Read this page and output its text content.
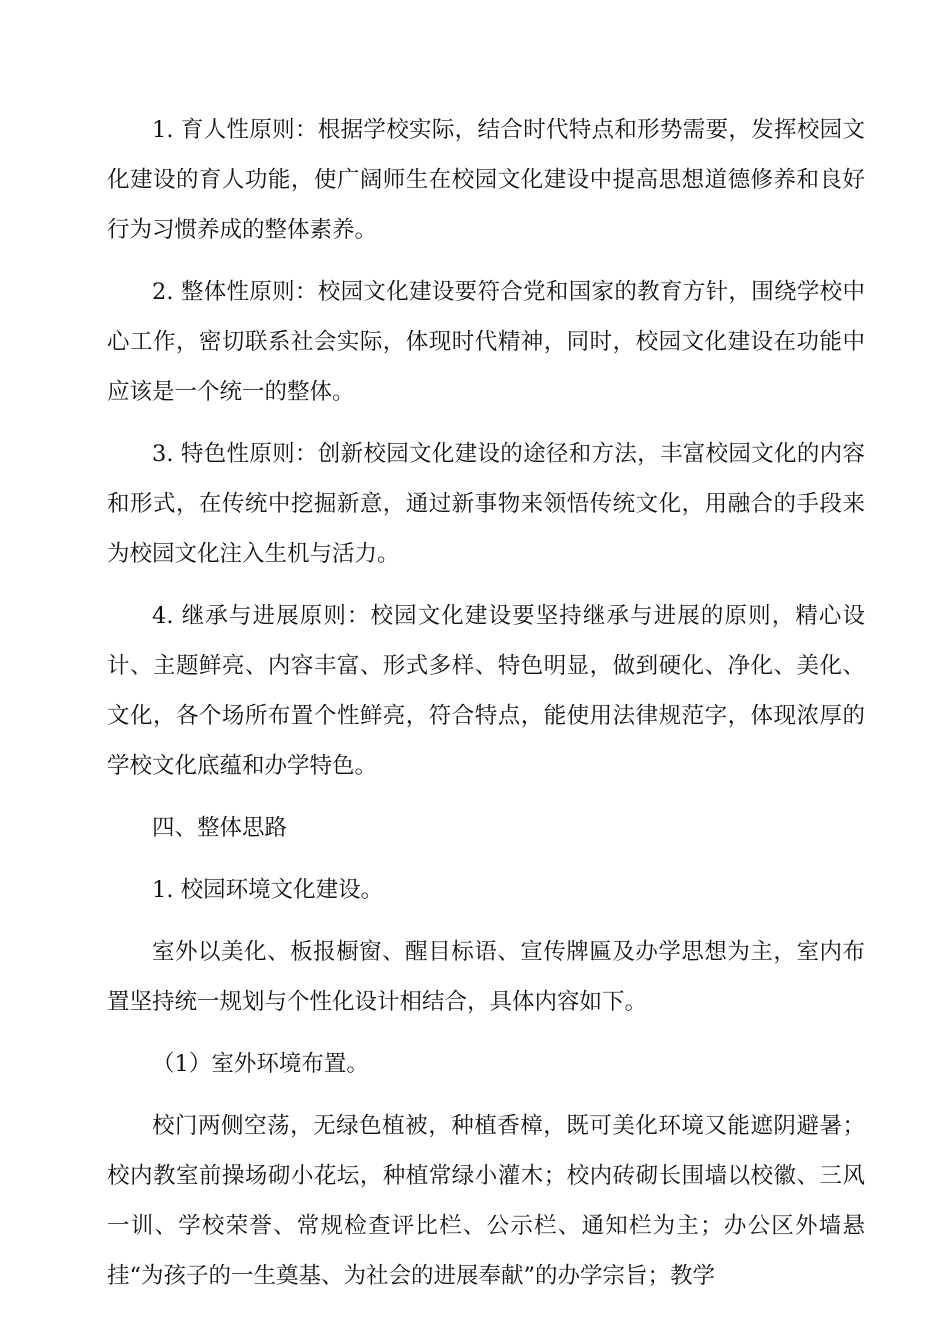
1. 育人性原则：根据学校实际，结合时代特点和形势需要，发挥校园文化建设的育人功能，使广阔师生在校园文化建设中提高思想道德修养和良好行为习惯养成的整体素养。

2. 整体性原则：校园文化建设要符合党和国家的教育方针，围绕学校中心工作，密切联系社会实际，体现时代精神，同时，校园文化建设在功能中应该是一个统一的整体。

3. 特色性原则：创新校园文化建设的途径和方法，丰富校园文化的内容和形式，在传统中挖掘新意，通过新事物来领悟传统文化，用融合的手段来为校园文化注入生机与活力。

4. 继承与进展原则：校园文化建设要坚持继承与进展的原则，精心设计、主题鲜亮、内容丰富、形式多样、特色明显，做到硬化、净化、美化、文化，各个场所布置个性鲜亮，符合特点，能使用法律规范字，体现浓厚的学校文化底蕴和办学特色。

四、整体思路

1. 校园环境文化建设。

室外以美化、板报橱窗、醒目标语、宣传牌匾及办学思想为主，室内布置坚持统一规划与个性化设计相结合，具体内容如下。

（1）室外环境布置。

校门两侧空荡，无绿色植被，种植香樟，既可美化环境又能遮阴避暑；校内教室前操场砌小花坛，种植常绿小灌木；校内砖砌长围墙以校徽、三风一训、学校荣誉、常规检查评比栏、公示栏、通知栏为主；办公区外墙悬挂“为孩子的一生奠基、为社会的进展奉献”的办学宗旨；教学
